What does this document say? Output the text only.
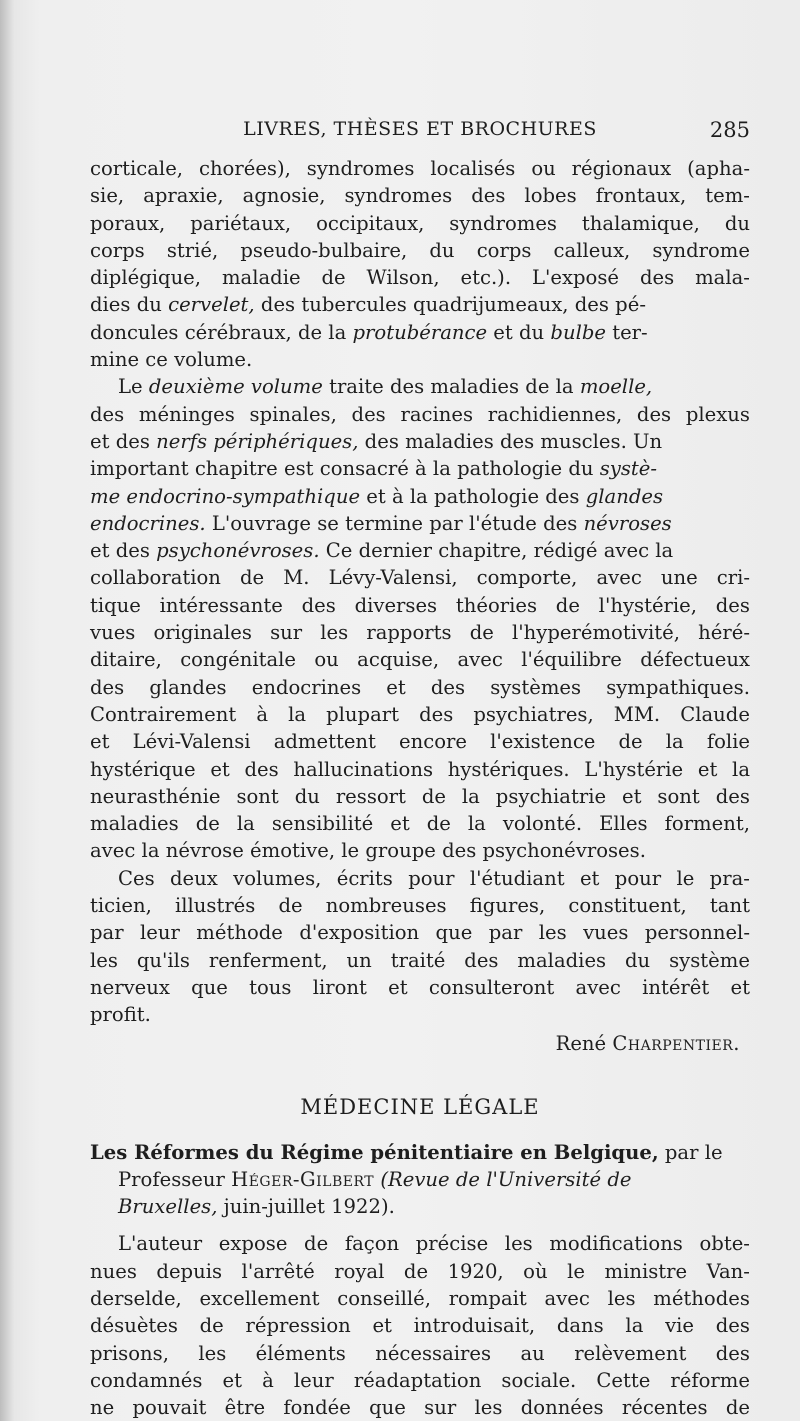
LIVRES, THÈSES ET BROCHURES	285
corticale, chorées), syndromes localisés ou régionaux (apha-
sie, apraxie, agnosie, syndromes des lobes frontaux, tem-
poraux, pariétaux, occipitaux, syndromes thalamique, du
corps strié, pseudo-bulbaire, du corps calleux, syndrome
diplégique, maladie de Wilson, etc.). L'exposé des mala-
dies du cervelet, des tubercules quadrijumeaux, des pé-
doncules cérébraux, de la protubérance et du bulbe ter-
mine ce volume.
Le deuxième volume traite des maladies de la moelle,
des méninges spinales, des racines rachidiennes, des plexus
et des nerfs périphériques, des maladies des muscles. Un
important chapitre est consacré à la pathologie du systè-
me endocrino-sympathique et à la pathologie des glandes
endocrines. L'ouvrage se termine par l'étude des névroses
et des psychonévroses. Ce dernier chapitre, rédigé avec la
collaboration de M. Lévy-Valensi, comporte, avec une cri-
tique intéressante des diverses théories de l'hystérie, des
vues originales sur les rapports de l'hyperémotivité, héré-
ditaire, congénitale ou acquise, avec l'équilibre défectueux
des glandes endocrines et des systèmes sympathiques.
Contrairement à la plupart des psychiatres, MM. Claude
et Lévi-Valensi admettent encore l'existence de la folie
hystérique et des hallucinations hystériques. L'hystérie et la
neurasthénie sont du ressort de la psychiatrie et sont des
maladies de la sensibilité et de la volonté. Elles forment,
avec la névrose émotive, le groupe des psychonévroses.
Ces deux volumes, écrits pour l'étudiant et pour le pra-
ticien, illustrés de nombreuses figures, constituent, tant
par leur méthode d'exposition que par les vues personnel-
les qu'ils renferment, un traité des maladies du système
nerveux que tous liront et consulteront avec intérêt et
profit.
René Charpentier.
MÉDECINE LÉGALE
Les Réformes du Régime pénitentiaire en Belgique, par le
Professeur Héger-Gilbert (Revue de l'Université de
Bruxelles, juin-juillet 1922).
L'auteur expose de façon précise les modifications obte-
nues depuis l'arrêté royal de 1920, où le ministre Van-
derselde, excellement conseillé, rompait avec les méthodes
désuètes de répression et introduisait, dans la vie des
prisons, les éléments nécessaires au relèvement des
condamnés et à leur réadaptation sociale. Cette réforme
ne pouvait être fondée que sur les données récentes de
